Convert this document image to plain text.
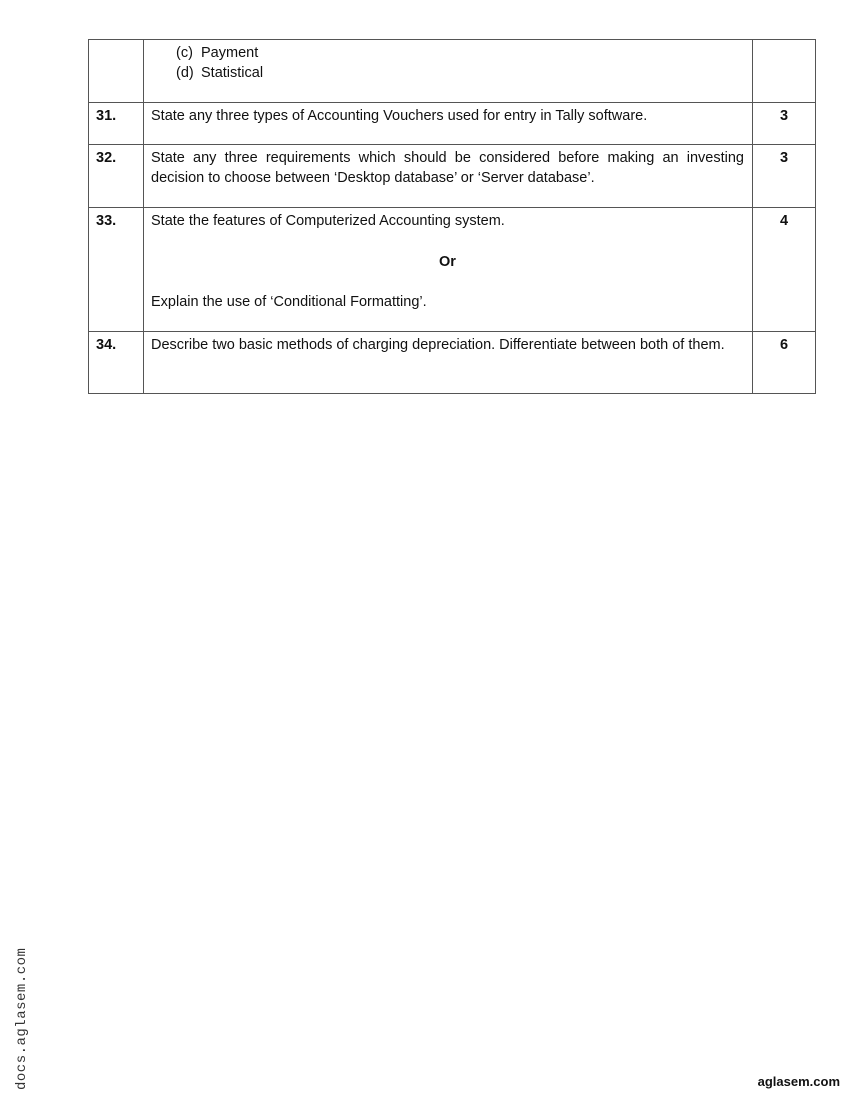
	(c) Payment
(d) Statistical	

31.	State any three types of Accounting Vouchers used for entry in Tally software.	3
32.	State any three requirements which should be considered before making an investing decision to choose between ‘Desktop database’ or ‘Server database’.	3
33.	State the features of Computerized Accounting system.
Or
Explain the use of ‘Conditional Formatting’.	4
34.	Describe two basic methods of charging depreciation. Differentiate between both of them.	6
docs.aglasem.com	aglasem.com
